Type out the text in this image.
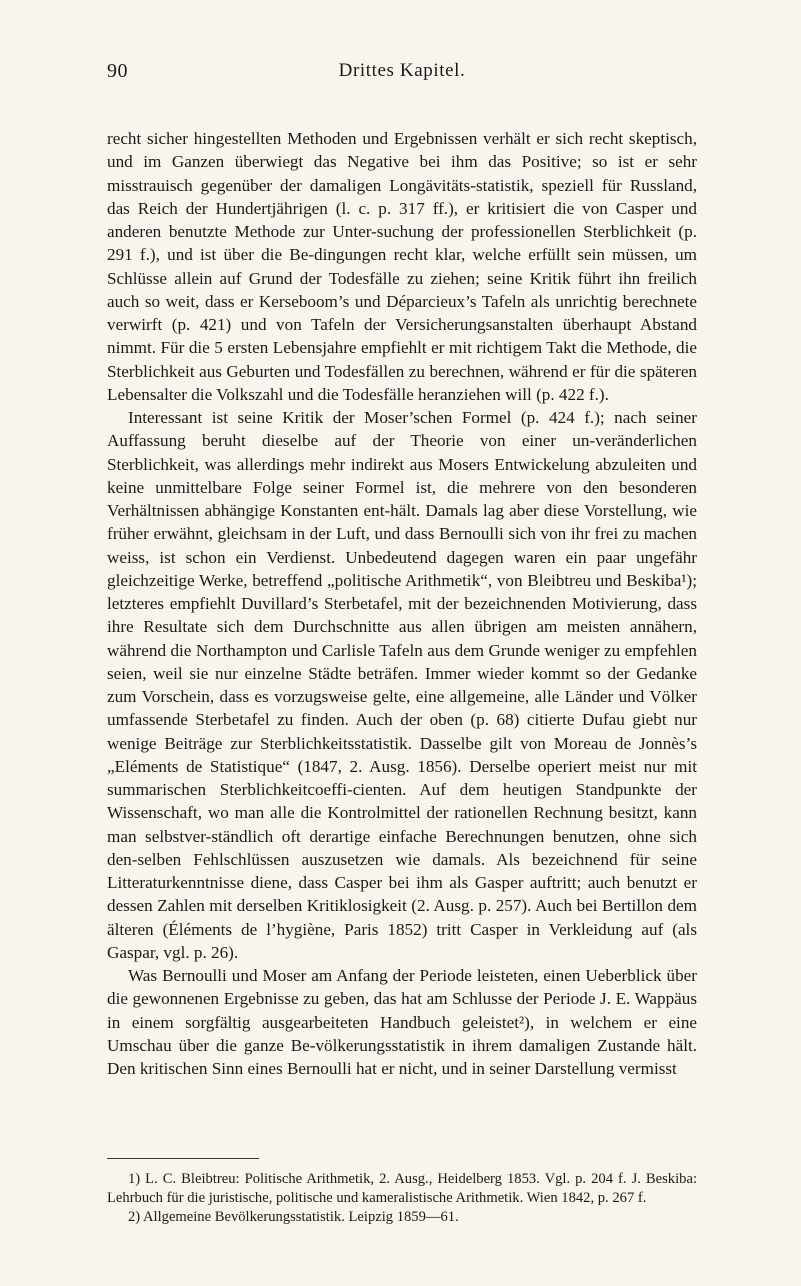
90	Drittes Kapitel.

recht sicher hingestellten Methoden und Ergebnissen verhält er sich recht skeptisch, und im Ganzen überwiegt das Negative bei ihm das Positive; so ist er sehr misstrauisch gegenüber der damaligen Longävitäts-statistik, speziell für Russland, das Reich der Hundertjährigen (l. c. p. 317 ff.), er kritisiert die von Casper und anderen benutzte Methode zur Unter-suchung der professionellen Sterblichkeit (p. 291 f.), und ist über die Be-dingungen recht klar, welche erfüllt sein müssen, um Schlüsse allein auf Grund der Todesfälle zu ziehen; seine Kritik führt ihn freilich auch so weit, dass er Kerseboom’s und Déparcieux’s Tafeln als unrichtig berechnete verwirft (p. 421) und von Tafeln der Versicherungsanstalten überhaupt Abstand nimmt. Für die 5 ersten Lebensjahre empfiehlt er mit richtigem Takt die Methode, die Sterblichkeit aus Geburten und Todesfällen zu berechnen, während er für die späteren Lebensalter die Volkszahl und die Todesfälle heranziehen will (p. 422 f.).

Interessant ist seine Kritik der Moser’schen Formel (p. 424 f.); nach seiner Auffassung beruht dieselbe auf der Theorie von einer un-veränderlichen Sterblichkeit, was allerdings mehr indirekt aus Mosers Entwickelung abzuleiten und keine unmittelbare Folge seiner Formel ist, die mehrere von den besonderen Verhältnissen abhängige Konstanten ent-hält. Damals lag aber diese Vorstellung, wie früher erwähnt, gleichsam in der Luft, und dass Bernoulli sich von ihr frei zu machen weiss, ist schon ein Verdienst. Unbedeutend dagegen waren ein paar ungefähr gleichzeitige Werke, betreffend „politische Arithmetik“, von Bleibtreu und Beskiba¹); letzteres empfiehlt Duvillard’s Sterbetafel, mit der bezeichnenden Motivierung, dass ihre Resultate sich dem Durchschnitte aus allen übrigen am meisten annähern, während die Northampton und Carlisle Tafeln aus dem Grunde weniger zu empfehlen seien, weil sie nur einzelne Städte beträfen. Immer wieder kommt so der Gedanke zum Vorschein, dass es vorzugsweise gelte, eine allgemeine, alle Länder und Völker umfassende Sterbetafel zu finden. Auch der oben (p. 68) citierte Dufau giebt nur wenige Beiträge zur Sterblichkeitsstatistik. Dasselbe gilt von Moreau de Jonnès’s „Eléments de Statistique“ (1847, 2. Ausg. 1856). Derselbe operiert meist nur mit summarischen Sterblichkeitcoeffi-cienten. Auf dem heutigen Standpunkte der Wissenschaft, wo man alle die Kontrolmittel der rationellen Rechnung besitzt, kann man selbstver-ständlich oft derartige einfache Berechnungen benutzen, ohne sich den-selben Fehlschlüssen auszusetzen wie damals. Als bezeichnend für seine Litteraturkenntnisse diene, dass Casper bei ihm als Gasper auftritt; auch benutzt er dessen Zahlen mit derselben Kritiklosigkeit (2. Ausg. p. 257). Auch bei Bertillon dem älteren (Éléments de l’hygiène, Paris 1852) tritt Casper in Verkleidung auf (als Gaspar, vgl. p. 26).

Was Bernoulli und Moser am Anfang der Periode leisteten, einen Ueberblick über die gewonnenen Ergebnisse zu geben, das hat am Schlusse der Periode J. E. Wappäus in einem sorgfältig ausgearbeiteten Handbuch geleistet²), in welchem er eine Umschau über die ganze Be-völkerungsstatistik in ihrem damaligen Zustande hält. Den kritischen Sinn eines Bernoulli hat er nicht, und in seiner Darstellung vermisst

1) L. C. Bleibtreu: Politische Arithmetik, 2. Ausg., Heidelberg 1853. Vgl. p. 204 f. J. Beskiba: Lehrbuch für die juristische, politische und kameralistische Arithmetik. Wien 1842, p. 267 f.

2) Allgemeine Bevölkerungsstatistik. Leipzig 1859—61.
